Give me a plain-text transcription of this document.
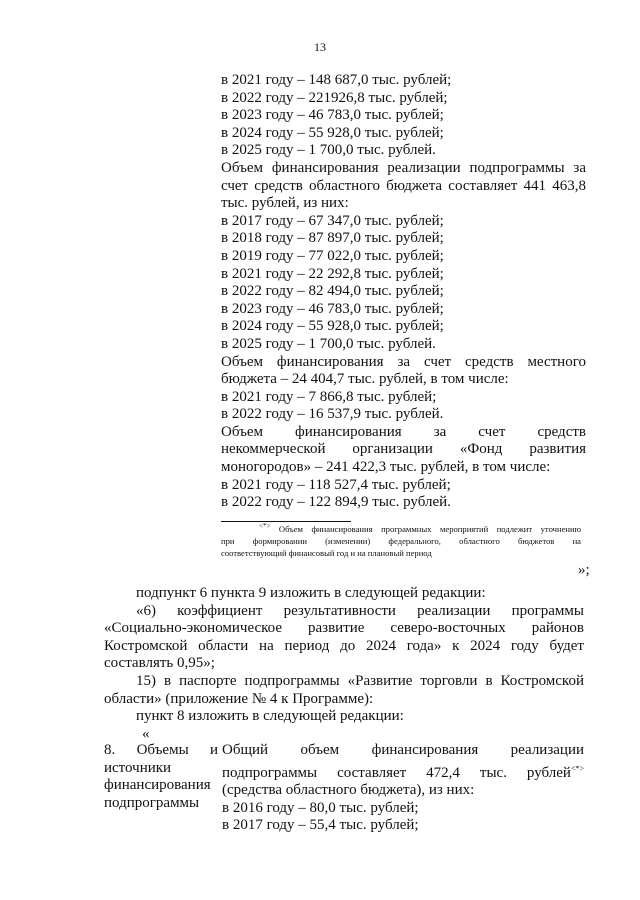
13
в 2021 году – 148 687,0 тыс. рублей;
в 2022 году – 221926,8 тыс. рублей;
в 2023 году – 46 783,0 тыс. рублей;
в 2024 году – 55 928,0 тыс. рублей;
в 2025 году – 1 700,0 тыс. рублей.
Объем финансирования реализации подпрограммы за
счет средств областного бюджета составляет 441 463,8
тыс. рублей, из них:
в 2017 году – 67 347,0 тыс. рублей;
в 2018 году – 87 897,0 тыс. рублей;
в 2019 году – 77 022,0 тыс. рублей;
в 2021 году – 22 292,8 тыс. рублей;
в 2022 году – 82 494,0 тыс. рублей;
в 2023 году – 46 783,0 тыс. рублей;
в 2024 году – 55 928,0 тыс. рублей;
в 2025 году – 1 700,0 тыс. рублей.
Объем финансирования за счет средств местного
бюджета – 24 404,7 тыс. рублей, в том числе:
в 2021 году – 7 866,8 тыс. рублей;
в 2022 году – 16 537,9 тыс. рублей.
Объем финансирования за счет средств
некоммерческой организации «Фонд развития
моногородов» – 241 422,3 тыс. рублей, в том числе:
в 2021 году – 118 527,4 тыс. рублей;
в 2022 году – 122 894,9 тыс. рублей.
<*> Объем финансирования программных мероприятий подлежит уточнению
при формировании (изменении) федерального, областного бюджетов на
соответствующий финансовый год и на плановый период
»;
подпункт 6 пункта 9 изложить в следующей редакции:
«6) коэффициент результативности реализации программы
«Социально-экономическое развитие северо-восточных районов
Костромской области на период до 2024 года» к 2024 году будет
составлять 0,95»;
15) в паспорте подпрограммы «Развитие торговли в Костромской
области» (приложение № 4 к Программе):
пункт 8 изложить в следующей редакции:
«
8. Объемы и
источники
финансирования
подпрограммы
Общий объем финансирования реализации
подпрограммы составляет 472,4 тыс. рублей<*>
(средства областного бюджета), из них:
в 2016 году – 80,0 тыс. рублей;
в 2017 году – 55,4 тыс. рублей;
